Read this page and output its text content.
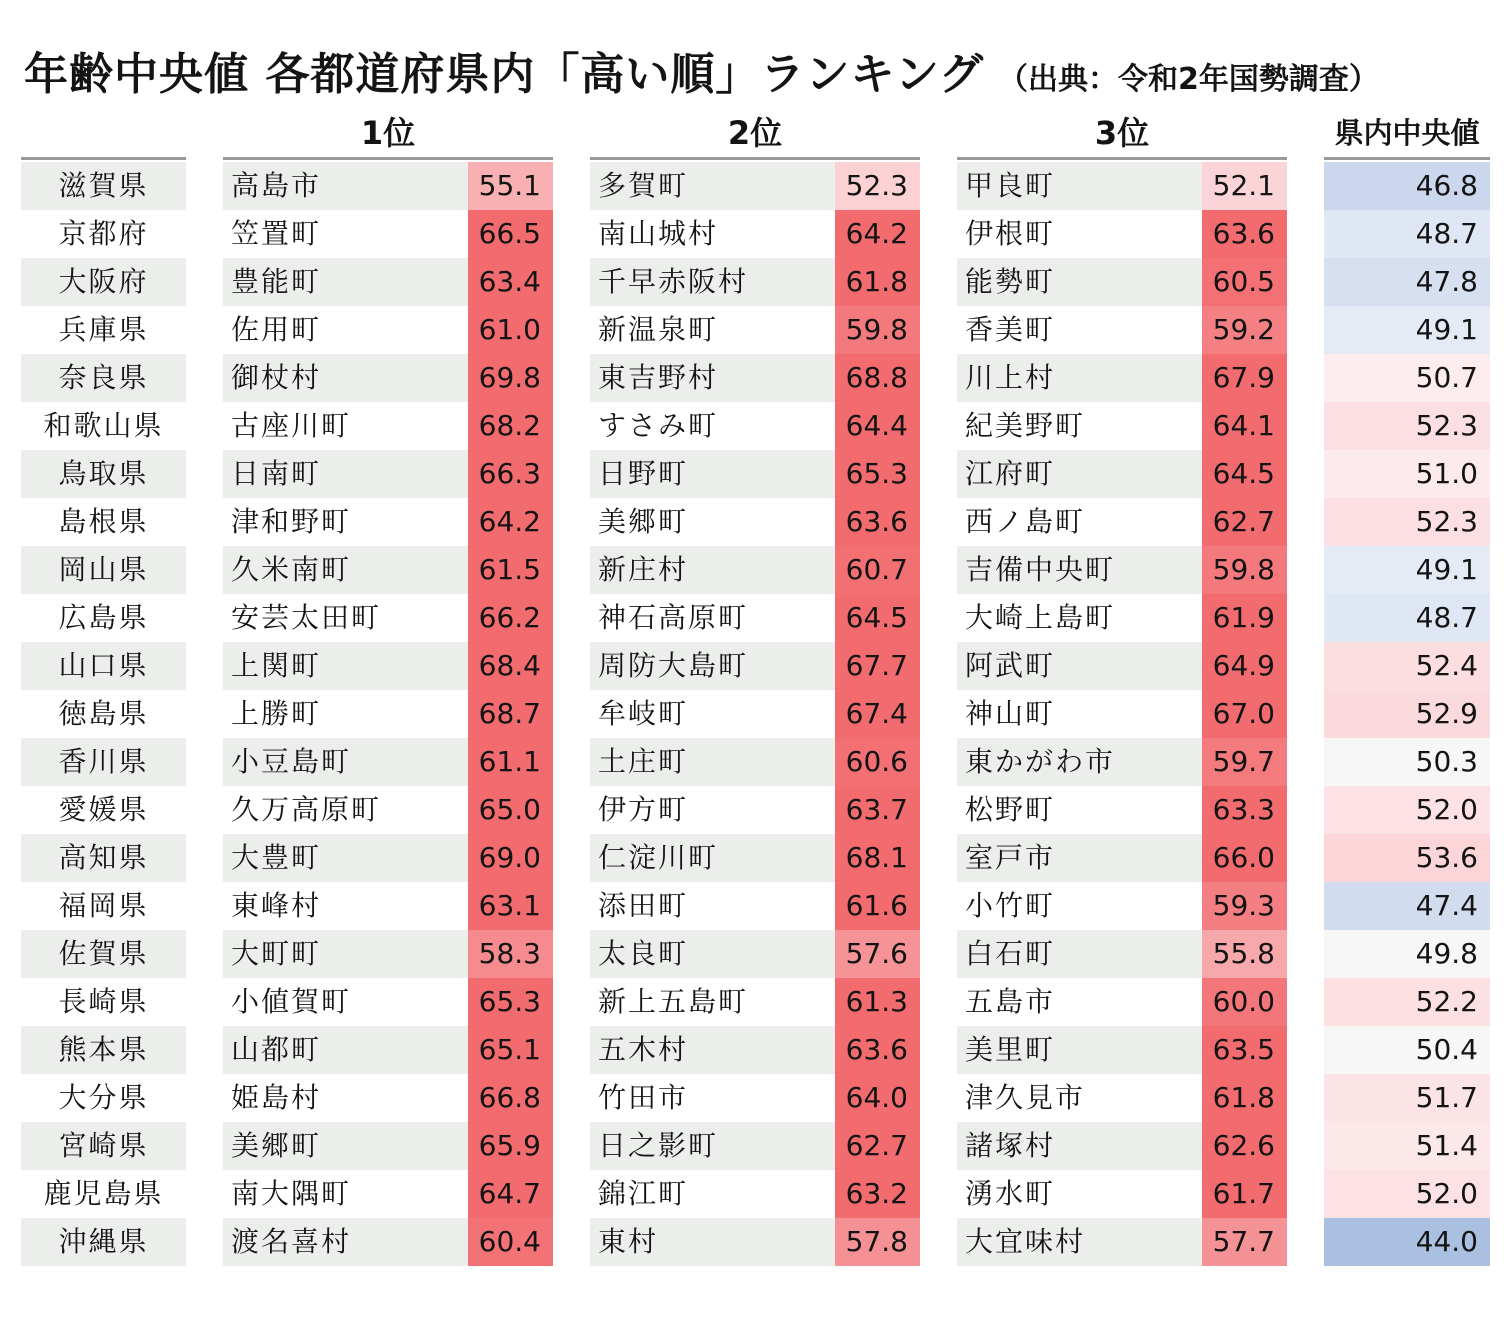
年齢中央値 各都道府県内「高い順」ランキング （出典：令和2年国勢調査）
1位	2位	3位	県内中央値
滋賀県	高島市	55.1	多賀町	52.3	甲良町	52.1	46.8
京都府	笠置町	66.5	南山城村	64.2	伊根町	63.6	48.7
大阪府	豊能町	63.4	千早赤阪村	61.8	能勢町	60.5	47.8
兵庫県	佐用町	61.0	新温泉町	59.8	香美町	59.2	49.1
奈良県	御杖村	69.8	東吉野村	68.8	川上村	67.9	50.7
和歌山県	古座川町	68.2	すさみ町	64.4	紀美野町	64.1	52.3
鳥取県	日南町	66.3	日野町	65.3	江府町	64.5	51.0
島根県	津和野町	64.2	美郷町	63.6	西ノ島町	62.7	52.3
岡山県	久米南町	61.5	新庄村	60.7	吉備中央町	59.8	49.1
広島県	安芸太田町	66.2	神石高原町	64.5	大崎上島町	61.9	48.7
山口県	上関町	68.4	周防大島町	67.7	阿武町	64.9	52.4
徳島県	上勝町	68.7	牟岐町	67.4	神山町	67.0	52.9
香川県	小豆島町	61.1	土庄町	60.6	東かがわ市	59.7	50.3
愛媛県	久万高原町	65.0	伊方町	63.7	松野町	63.3	52.0
高知県	大豊町	69.0	仁淀川町	68.1	室戸市	66.0	53.6
福岡県	東峰村	63.1	添田町	61.6	小竹町	59.3	47.4
佐賀県	大町町	58.3	太良町	57.6	白石町	55.8	49.8
長崎県	小値賀町	65.3	新上五島町	61.3	五島市	60.0	52.2
熊本県	山都町	65.1	五木村	63.6	美里町	63.5	50.4
大分県	姫島村	66.8	竹田市	64.0	津久見市	61.8	51.7
宮崎県	美郷町	65.9	日之影町	62.7	諸塚村	62.6	51.4
鹿児島県	南大隅町	64.7	錦江町	63.2	湧水町	61.7	52.0
沖縄県	渡名喜村	60.4	東村	57.8	大宜味村	57.7	44.0
